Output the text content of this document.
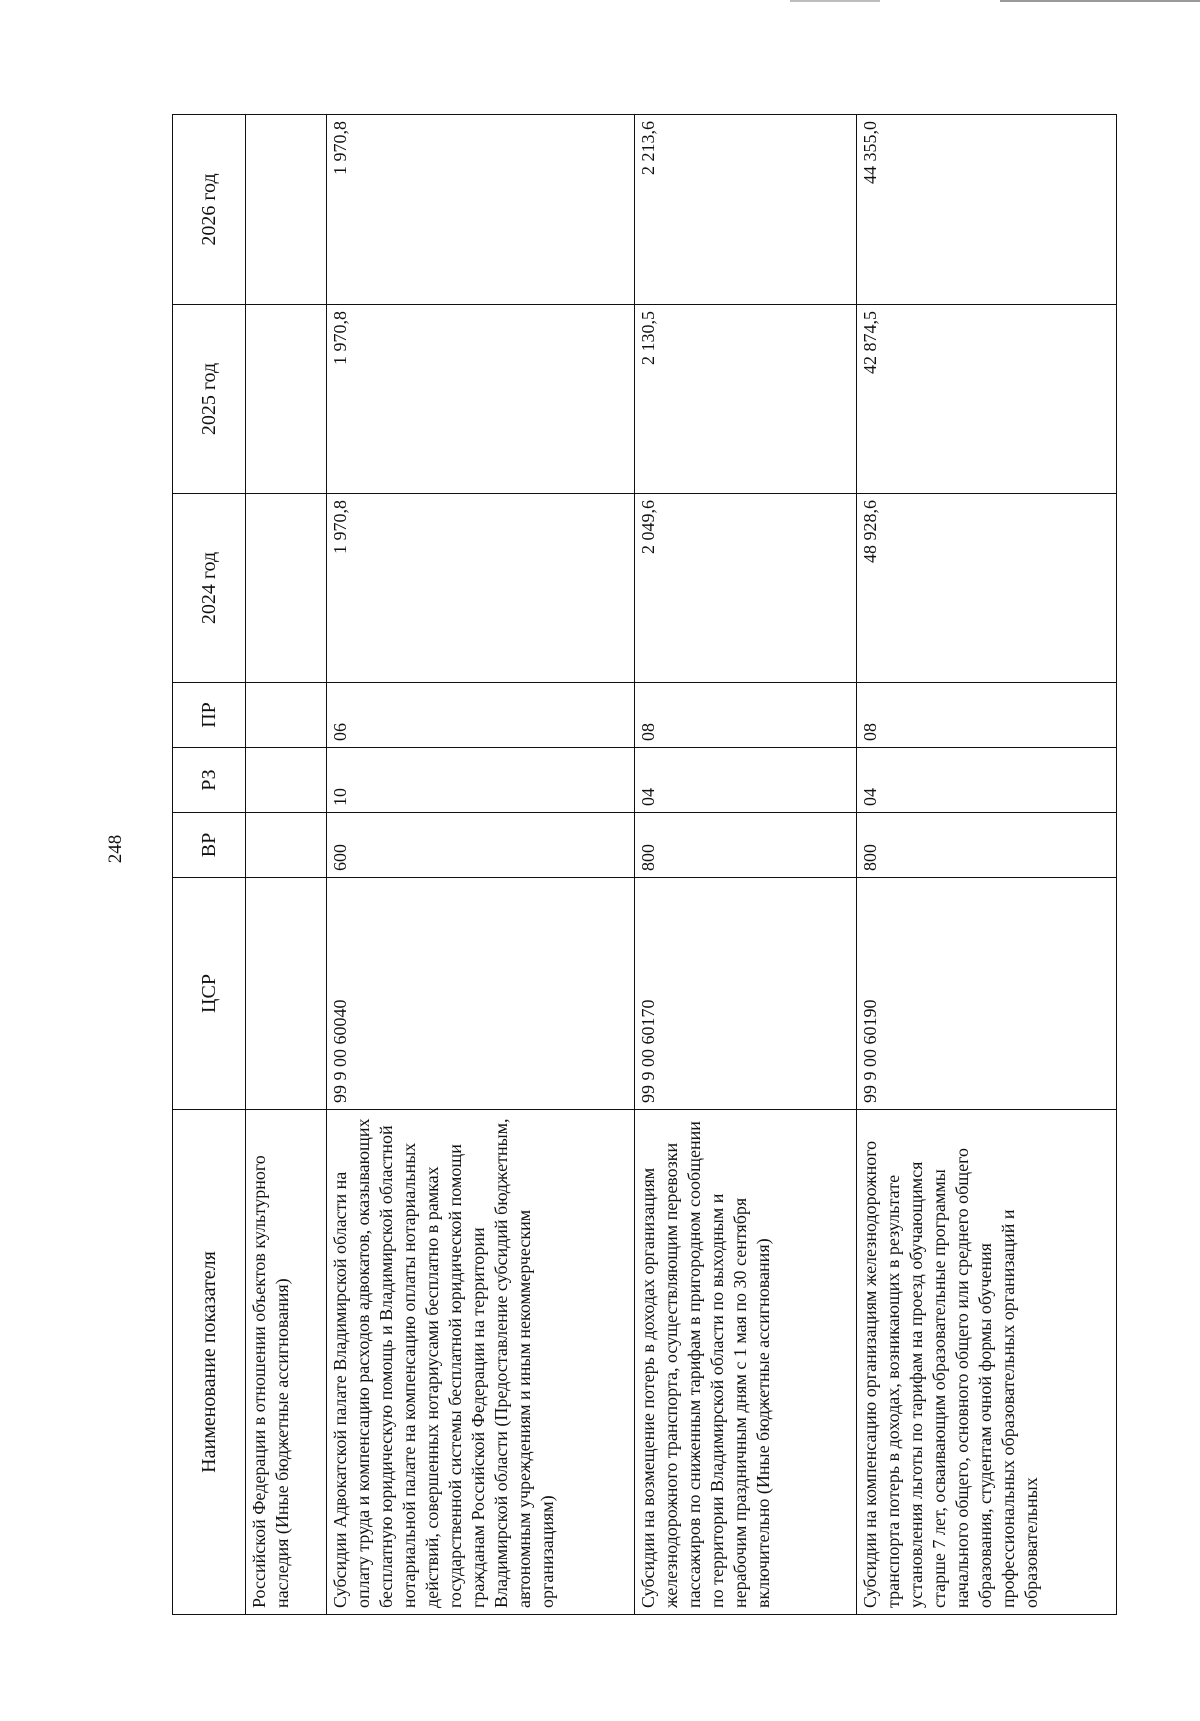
248
Наименование показателя	ЦСР	ВР	РЗ	ПР	2024 год	2025 год	2026 год
Российской Федерации в отношении объектов культурного наследия (Иные бюджетные ассигнования)							
Субсидии Адвокатской палате Владимирской области на оплату труда и компенсацию расходов адвокатов, оказывающих бесплатную юридическую помощь и Владимирской областной нотариальной палате на компенсацию оплаты нотариальных действий, совершенных нотариусами бесплатно в рамках государственной системы бесплатной юридической помощи гражданам Российской Федерации на территории Владимирской области (Предоставление субсидий бюджетным, автономным учреждениям и иным некоммерческим организациям)	99 9 00 60040	600	10	06	1 970,8	1 970,8	1 970,8
Субсидии на возмещение потерь в доходах организациям железнодорожного транспорта, осуществляющим перевозки пассажиров по сниженным тарифам в пригородном сообщении по территории Владимирской области по выходным и нерабочим праздничным дням с 1 мая по 30 сентября включительно (Иные бюджетные ассигнования)	99 9 00 60170	800	04	08	2 049,6	2 130,5	2 213,6
Субсидии на компенсацию организациям железнодорожного транспорта потерь в доходах, возникающих в результате установления льготы по тарифам на проезд обучающимся старше 7 лет, осваивающим образовательные программы начального общего, основного общего или среднего общего образования, студентам очной формы обучения профессиональных образовательных организаций и образовательных	99 9 00 60190	800	04	08	48 928,6	42 874,5	44 355,0
